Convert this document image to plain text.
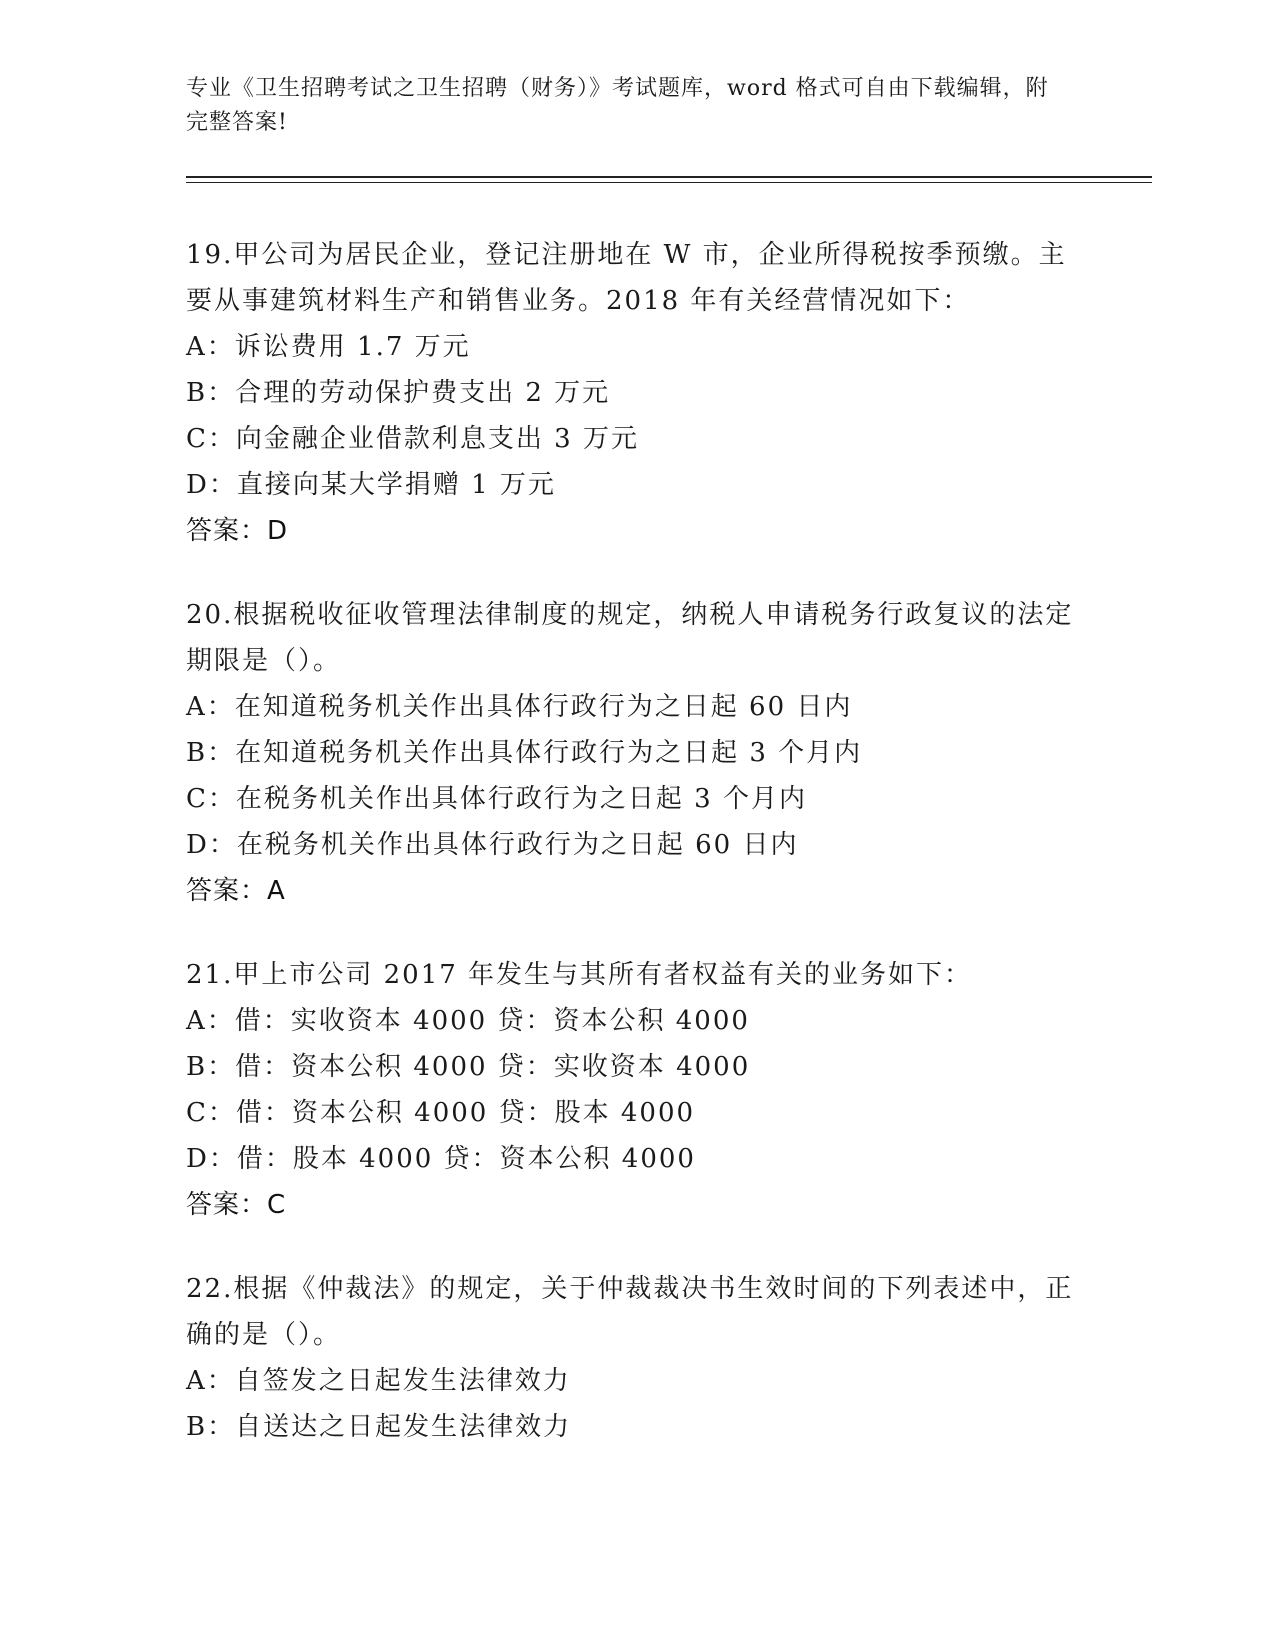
专业《卫生招聘考试之卫生招聘（财务）》考试题库，word 格式可自由下载编辑，附完整答案!

19.甲公司为居民企业，登记注册地在 W 市，企业所得税按季预缴。主要从事建筑材料生产和销售业务。2018 年有关经营情况如下：

A：诉讼费用 1.7 万元

B：合理的劳动保护费支出 2 万元

C：向金融企业借款利息支出 3 万元

D：直接向某大学捐赠 1 万元

答案：D

20.根据税收征收管理法律制度的规定，纳税人申请税务行政复议的法定期限是（）。

A：在知道税务机关作出具体行政行为之日起 60 日内

B：在知道税务机关作出具体行政行为之日起 3 个月内

C：在税务机关作出具体行政行为之日起 3 个月内

D：在税务机关作出具体行政行为之日起 60 日内

答案：A

21.甲上市公司 2017 年发生与其所有者权益有关的业务如下：

A：借：实收资本 4000 贷：资本公积 4000

B：借：资本公积 4000 贷：实收资本 4000

C：借：资本公积 4000 贷：股本 4000

D：借：股本 4000 贷：资本公积 4000

答案：C

22.根据《仲裁法》的规定，关于仲裁裁决书生效时间的下列表述中，正确的是（）。

A：自签发之日起发生法律效力

B：自送达之日起发生法律效力
